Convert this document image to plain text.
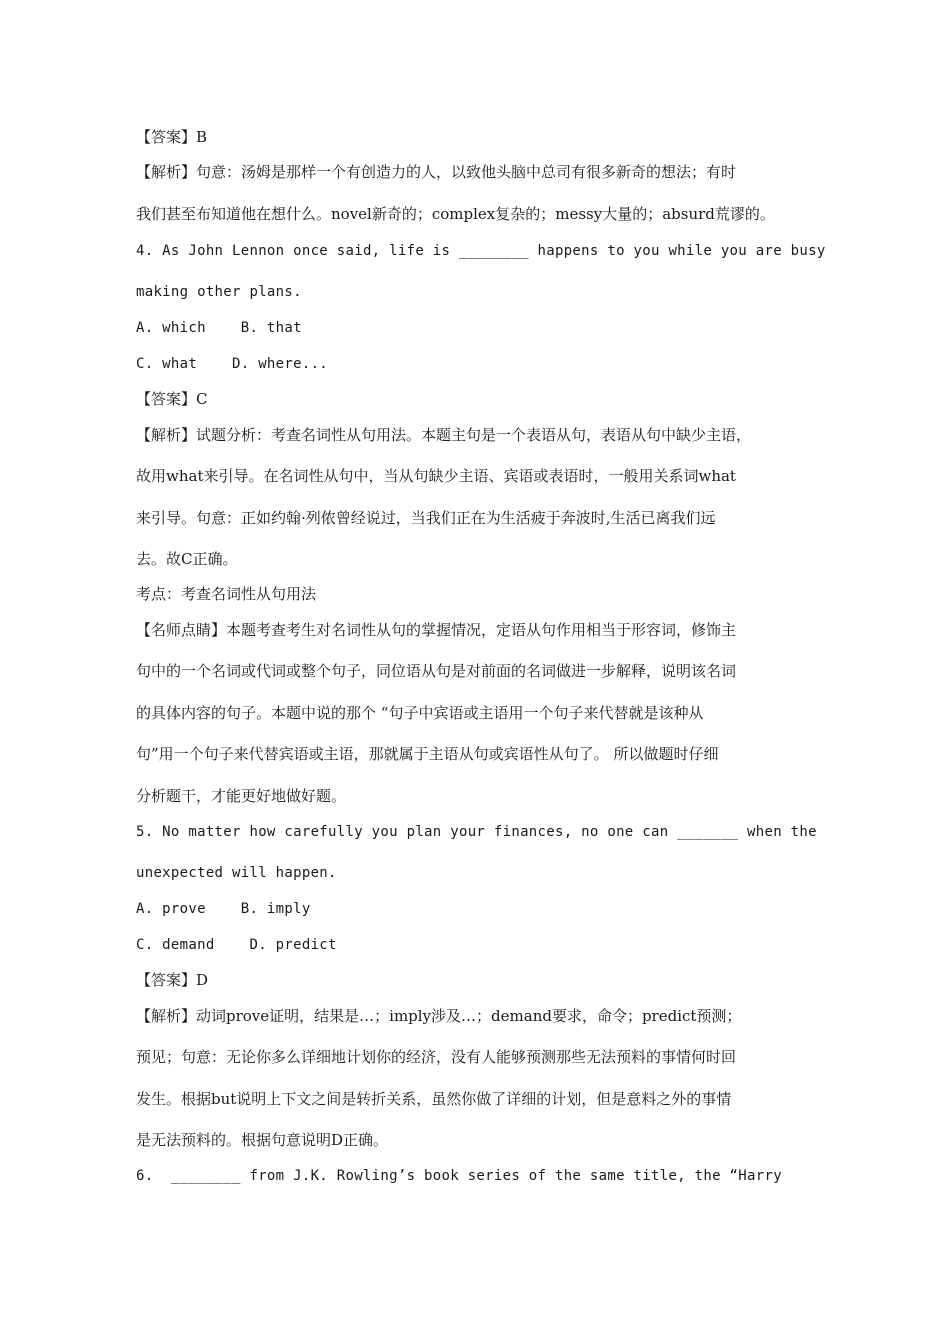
【答案】B
【解析】句意：汤姆是那样一个有创造力的人，以致他头脑中总司有很多新奇的想法；有时
我们甚至布知道他在想什么。novel新奇的；complex复杂的；messy大量的；absurd荒谬的。
4. As John Lennon once said, life is ________ happens to you while you are busy
making other plans.
A. which    B. that
C. what    D. where...
【答案】C
【解析】试题分析：考查名词性从句用法。本题主句是一个表语从句，表语从句中缺少主语，
故用what来引导。在名词性从句中，当从句缺少主语、宾语或表语时，一般用关系词what
来引导。句意：正如约翰·列侬曾经说过，当我们正在为生活疲于奔波时,生活已离我们远
去。故C正确。
考点：考查名词性从句用法
【名师点睛】本题考查考生对名词性从句的掌握情况，定语从句作用相当于形容词，修饰主
句中的一个名词或代词或整个句子，同位语从句是对前面的名词做进一步解释，说明该名词
的具体内容的句子。本题中说的那个 “句子中宾语或主语用一个句子来代替就是该种从
句”用一个句子来代替宾语或主语，那就属于主语从句或宾语性从句了。 所以做题时仔细
分析题干，才能更好地做好题。
5. No matter how carefully you plan your finances, no one can _______ when the
unexpected will happen.
A. prove    B. imply
C. demand    D. predict
【答案】D
【解析】动词prove证明，结果是…；imply涉及…；demand要求，命令；predict预测；
预见；句意：无论你多么详细地计划你的经济，没有人能够预测那些无法预料的事情何时回
发生。根据but说明上下文之间是转折关系，虽然你做了详细的计划，但是意料之外的事情
是无法预料的。根据句意说明D正确。
6.  ________ from J.K. Rowling’s book series of the same title, the “Harry
